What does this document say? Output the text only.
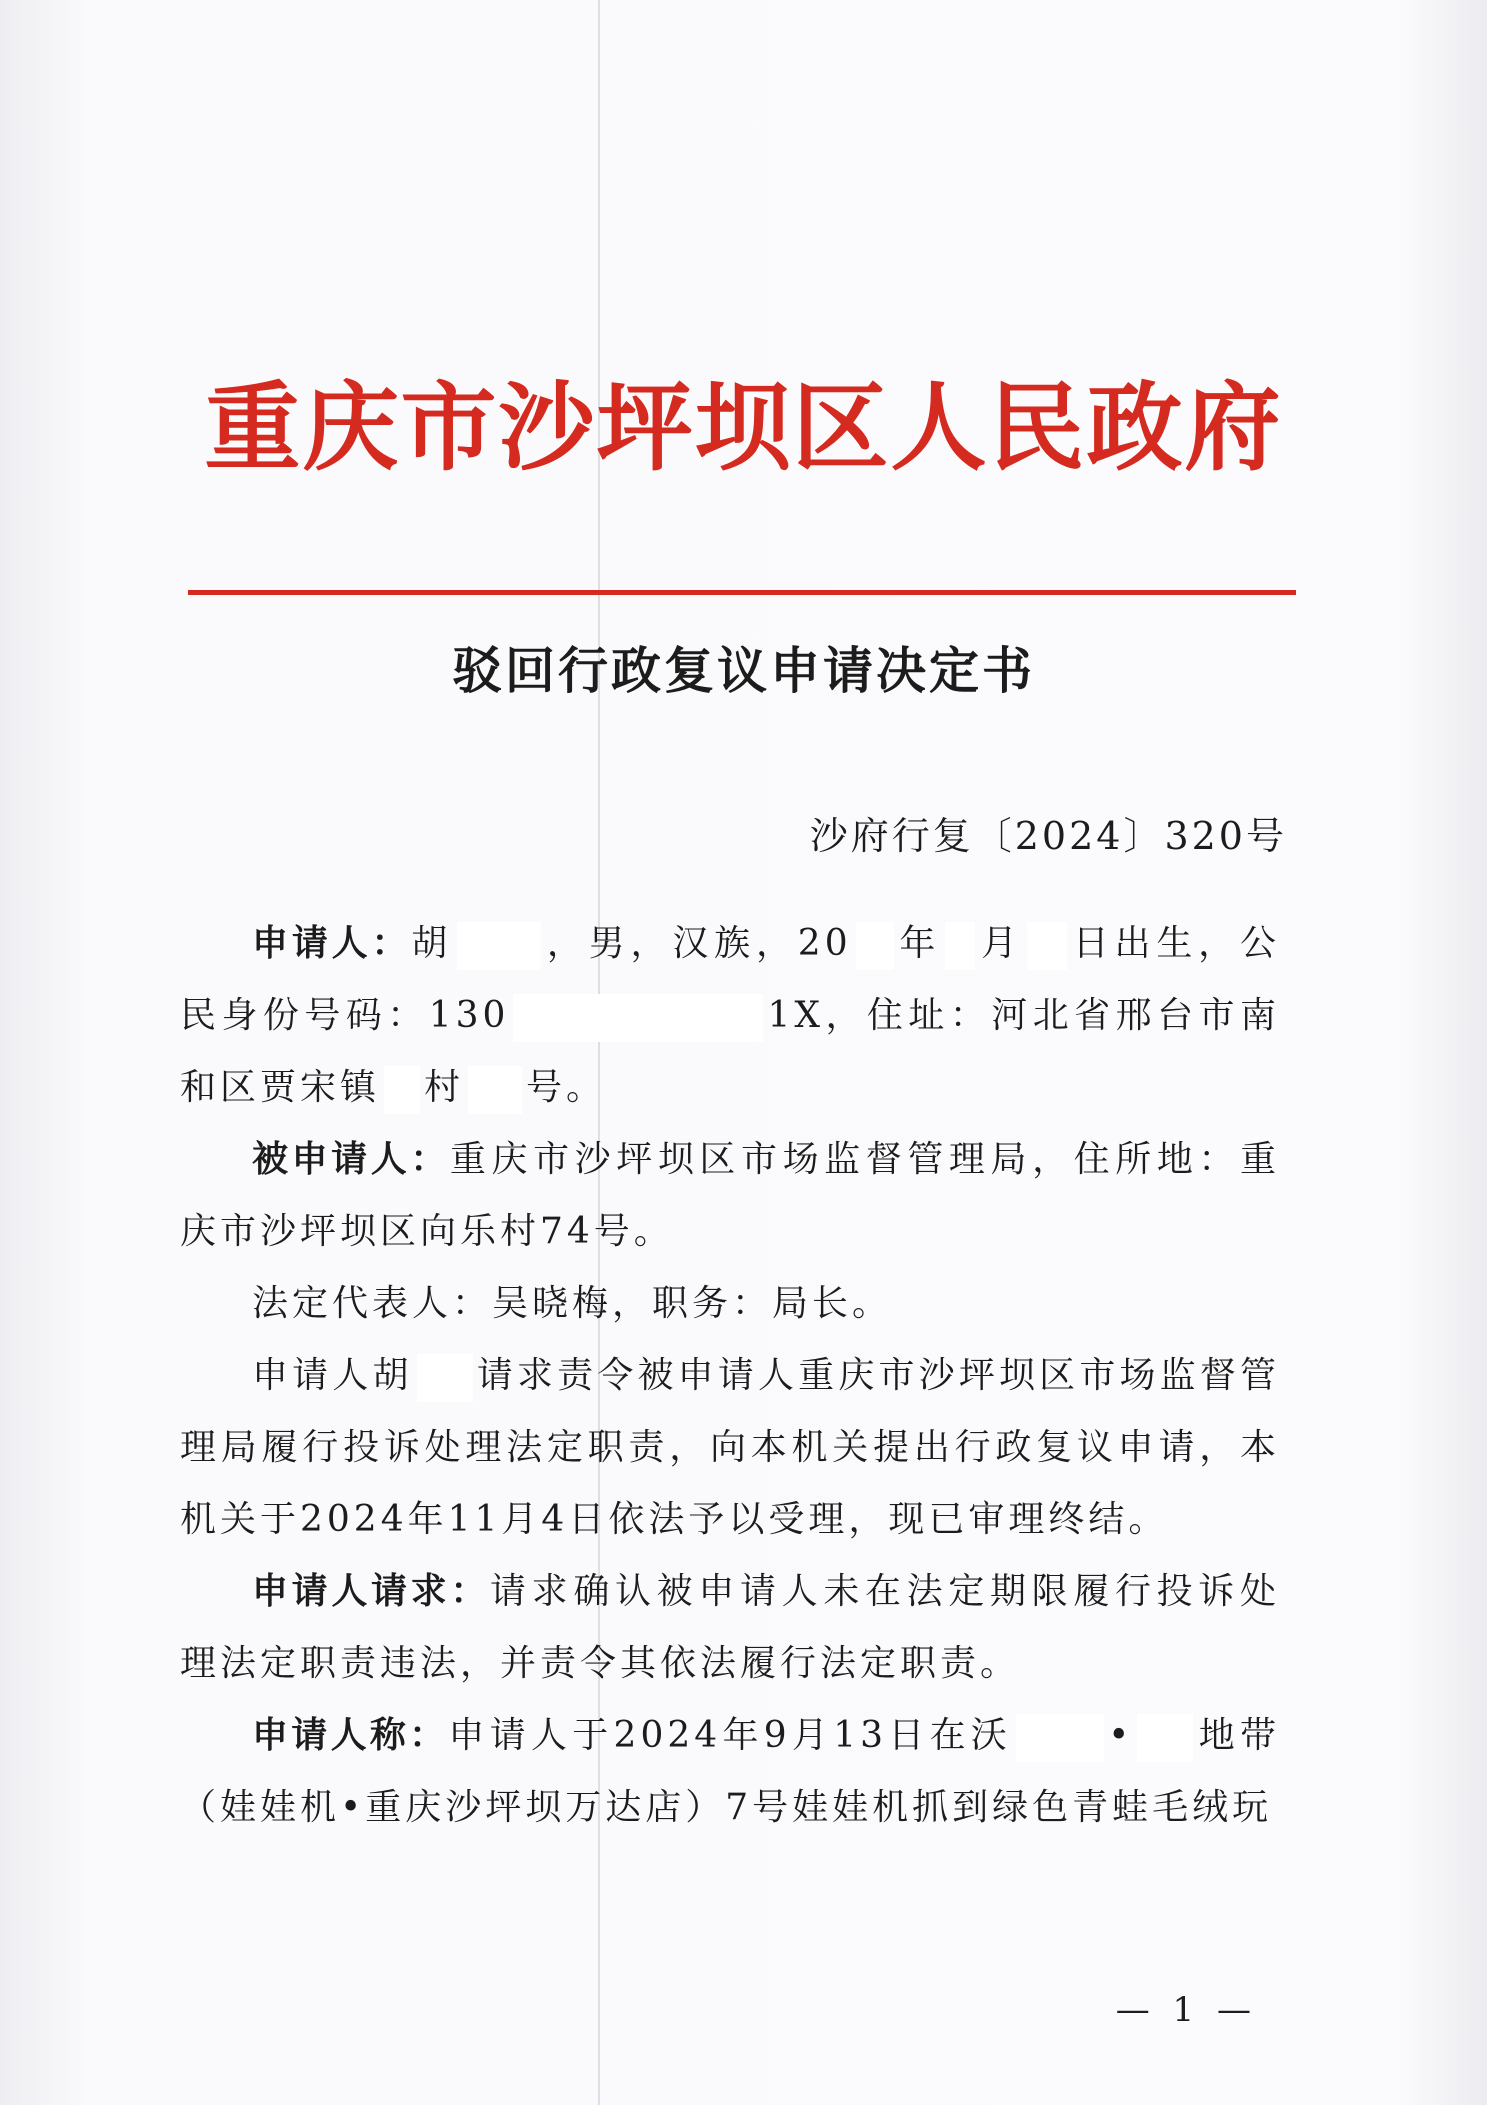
重庆市沙坪坝区人民政府
驳回行政复议申请决定书
沙府行复〔2024〕320号

申请人：胡	，男，汉族，20 年 月 日出生，公民身份号码：130	1X，住址：河北省邢台市南和区贾宋镇 村 号。

被申请人：重庆市沙坪坝区市场监督管理局，住所地：重庆市沙坪坝区向乐村74号。

法定代表人：吴晓梅，职务：局长。

申请人胡 请求责令被申请人重庆市沙坪坝区市场监督管理局履行投诉处理法定职责，向本机关提出行政复议申请，本机关于2024年11月4日依法予以受理，现已审理终结。

申请人请求：请求确认被申请人未在法定期限履行投诉处理法定职责违法，并责令其依法履行法定职责。

申请人称：申请人于2024年9月13日在沃	• 地带（娃娃机•重庆沙坪坝万达店）7号娃娃机抓到绿色青蛙毛绒玩

— 1 —
